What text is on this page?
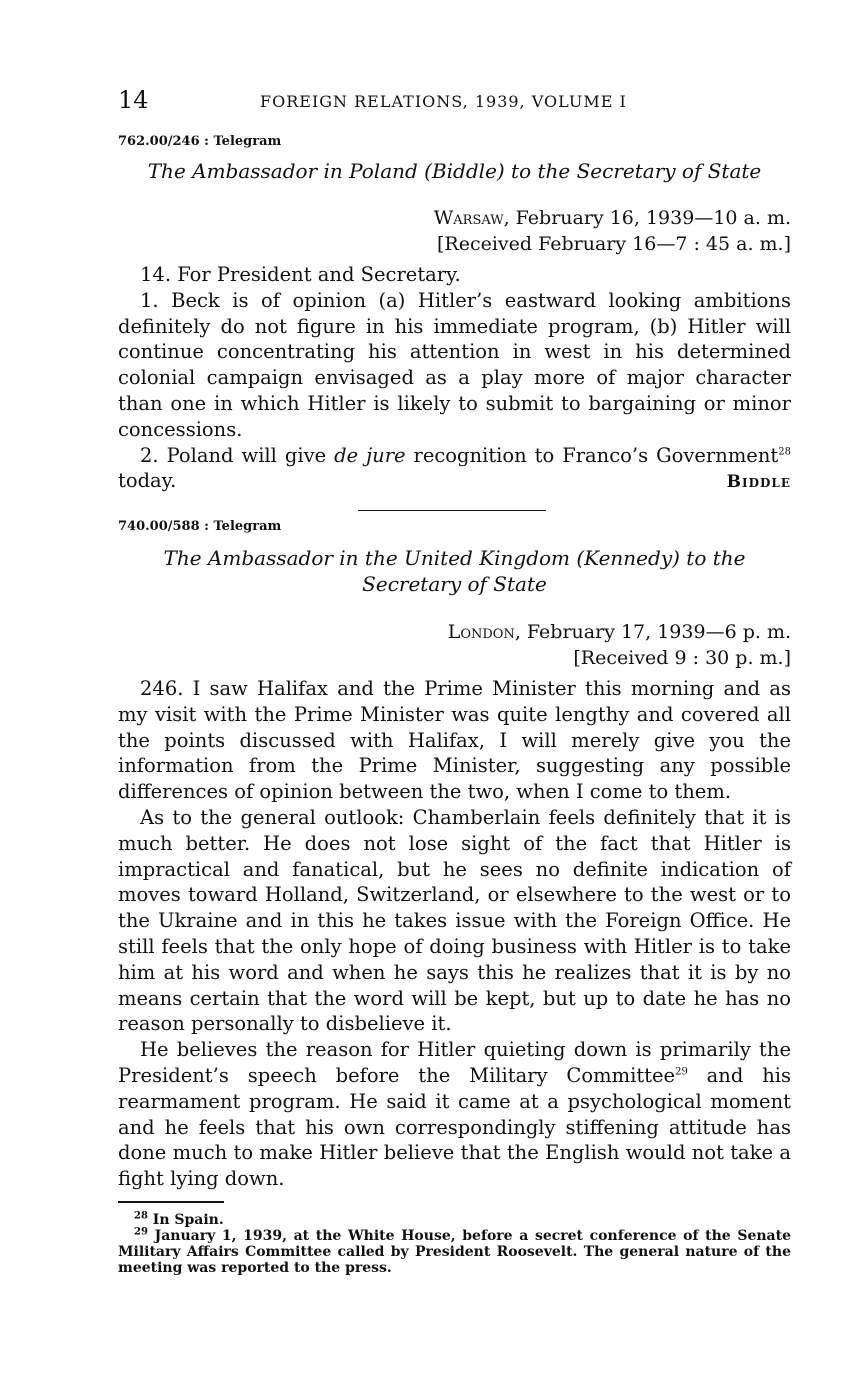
14	FOREIGN RELATIONS, 1939, VOLUME I
762.00/246 : Telegram
The Ambassador in Poland (Biddle) to the Secretary of State
Warsaw, February 16, 1939—10 a. m.
[Received February 16—7 : 45 a. m.]

14. For President and Secretary.

1. Beck is of opinion (a) Hitler’s eastward looking ambitions definitely do not figure in his immediate program, (b) Hitler will continue concentrating his attention in west in his determined colonial campaign envisaged as a play more of major character than one in which Hitler is likely to submit to bargaining or minor concessions.

2. Poland will give de jure recognition to Franco’s Government$^{28}$ today.	Biddle
740.00/588 : Telegram
The Ambassador in the United Kingdom (Kennedy) to the Secretary of State
London, February 17, 1939—6 p. m.
[Received 9 : 30 p. m.]

246. I saw Halifax and the Prime Minister this morning and as my visit with the Prime Minister was quite lengthy and covered all the points discussed with Halifax, I will merely give you the information from the Prime Minister, suggesting any possible differences of opinion between the two, when I come to them.

As to the general outlook: Chamberlain feels definitely that it is much better. He does not lose sight of the fact that Hitler is impractical and fanatical, but he sees no definite indication of moves toward Holland, Switzerland, or elsewhere to the west or to the Ukraine and in this he takes issue with the Foreign Office. He still feels that the only hope of doing business with Hitler is to take him at his word and when he says this he realizes that it is by no means certain that the word will be kept, but up to date he has no reason personally to disbelieve it.

He believes the reason for Hitler quieting down is primarily the President’s speech before the Military Committee$^{29}$ and his rearmament program. He said it came at a psychological moment and he feels that his own correspondingly stiffening attitude has done much to make Hitler believe that the English would not take a fight lying down.

$^{28}$ In Spain.

$^{29}$ January 1, 1939, at the White House, before a secret conference of the Senate Military Affairs Committee called by President Roosevelt. The general nature of the meeting was reported to the press.
